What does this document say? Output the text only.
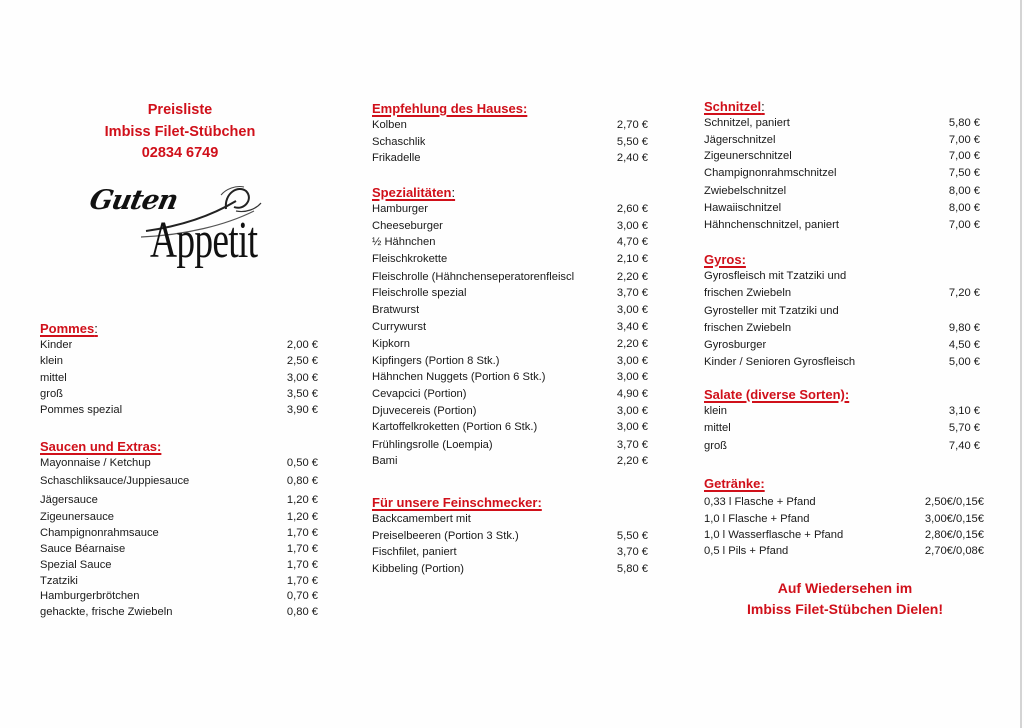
Preisliste
Imbiss Filet-Stübchen
02834 6749
Guten
Appetit
Pommes:
Kinder	2,00 €
klein	2,50 €
mittel	3,00 €
groß	3,50 €
Pommes spezial	3,90 €
Saucen und Extras:
Mayonnaise / Ketchup	0,50 €
Schaschliksauce/Juppiesauce	0,80 €
Jägersauce	1,20 €
Zigeunersauce	1,20 €
Champignonrahmsauce	1,70 €
Sauce Béarnaise	1,70 €
Spezial Sauce	1,70 €
Tzatziki	1,70 €
Hamburgerbrötchen	0,70 €
gehackte, frische Zwiebeln	0,80 €
Empfehlung des Hauses:
Kolben	2,70 €
Schaschlik	5,50 €
Frikadelle	2,40 €
Spezialitäten:
Hamburger	2,60 €
Cheeseburger	3,00 €
½ Hähnchen	4,70 €
Fleischkrokette	2,10 €
Fleischrolle (Hähnchenseperatorenfleiscl	2,20 €
Fleischrolle spezial	3,70 €
Bratwurst	3,00 €
Currywurst	3,40 €
Kipkorn	2,20 €
Kipfingers (Portion 8 Stk.)	3,00 €
Hähnchen Nuggets (Portion 6 Stk.)	3,00 €
Cevapcici (Portion)	4,90 €
Djuvecereis (Portion)	3,00 €
Kartoffelkroketten (Portion 6 Stk.)	3,00 €
Frühlingsrolle (Loempia)	3,70 €
Bami	2,20 €
Für unsere Feinschmecker:
Backcamembert mit
Preiselbeeren (Portion 3 Stk.)	5,50 €
Fischfilet, paniert	3,70 €
Kibbeling (Portion)	5,80 €
Schnitzel:
Schnitzel, paniert	5,80 €
Jägerschnitzel	7,00 €
Zigeunerschnitzel	7,00 €
Champignonrahmschnitzel	7,50 €
Zwiebelschnitzel	8,00 €
Hawaiischnitzel	8,00 €
Hähnchenschnitzel, paniert	7,00 €
Gyros:
Gyrosfleisch mit Tzatziki und
frischen Zwiebeln	7,20 €
Gyrosteller mit Tzatziki und
frischen Zwiebeln	9,80 €
Gyrosburger	4,50 €
Kinder / Senioren Gyrosfleisch	5,00 €
Salate (diverse Sorten):
klein	3,10 €
mittel	5,70 €
groß	7,40 €
Getränke:
0,33 l Flasche + Pfand	2,50€/0,15€
1,0 l Flasche + Pfand	3,00€/0,15€
1,0 l Wasserflasche + Pfand	2,80€/0,15€
0,5 l Pils + Pfand	2,70€/0,08€
Auf Wiedersehen im
Imbiss Filet-Stübchen Dielen!
